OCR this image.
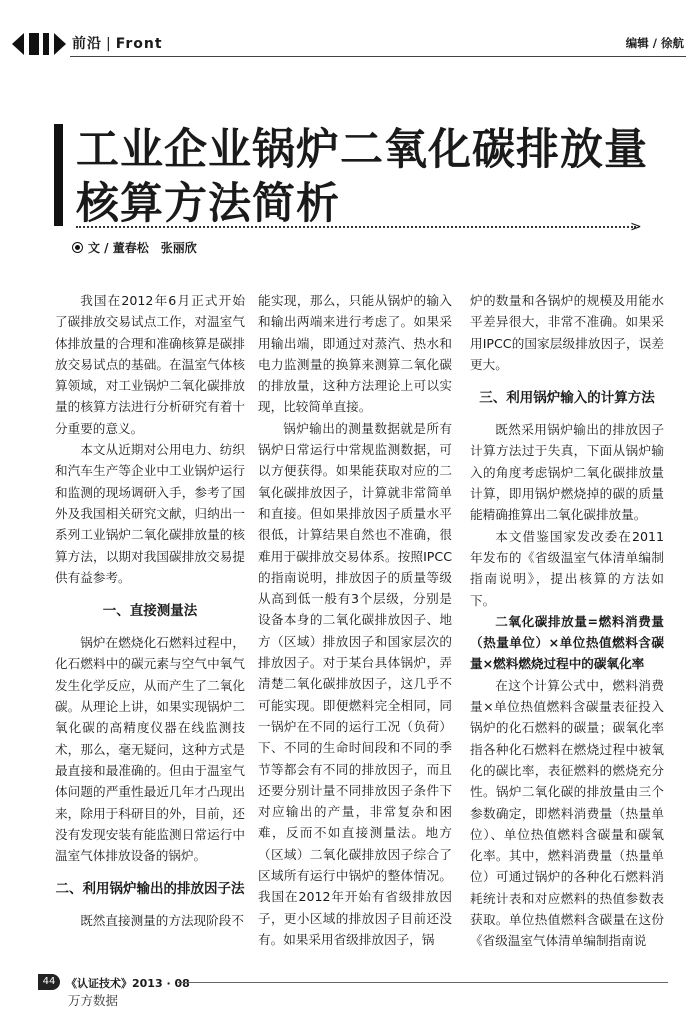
前沿 | Front	编辑 / 徐航
工业企业锅炉二氧化碳排放量
核算方法简析	>
文 / 董春松　张丽欣

我国在2012年6月正式开始了碳排放交易试点工作，对温室气体排放量的合理和准确核算是碳排放交易试点的基础。在温室气体核算领域，对工业锅炉二氧化碳排放量的核算方法进行分析研究有着十分重要的意义。

本文从近期对公用电力、纺织和汽车生产等企业中工业锅炉运行和监测的现场调研入手，参考了国外及我国相关研究文献，归纳出一系列工业锅炉二氧化碳排放量的核算方法，以期对我国碳排放交易提供有益参考。

一、直接测量法

锅炉在燃烧化石燃料过程中，化石燃料中的碳元素与空气中氧气发生化学反应，从而产生了二氧化碳。从理论上讲，如果实现锅炉二氧化碳的高精度仪器在线监测技术，那么，毫无疑问，这种方式是最直接和最准确的。但由于温室气体问题的严重性最近几年才凸现出来，除用于科研目的外，目前，还没有发现安装有能监测日常运行中温室气体排放设备的锅炉。

二、利用锅炉输出的排放因子法

既然直接测量的方法现阶段不

能实现，那么，只能从锅炉的输入和输出两端来进行考虑了。如果采用输出端，即通过对蒸汽、热水和电力监测量的换算来测算二氧化碳的排放量，这种方法理论上可以实现，比较简单直接。

锅炉输出的测量数据就是所有锅炉日常运行中常规监测数据，可以方便获得。如果能获取对应的二氧化碳排放因子，计算就非常简单和直接。但如果排放因子质量水平很低，计算结果自然也不准确，很难用于碳排放交易体系。按照IPCC的指南说明，排放因子的质量等级从高到低一般有3个层级，分别是设备本身的二氧化碳排放因子、地方（区域）排放因子和国家层次的排放因子。对于某台具体锅炉，弄清楚二氧化碳排放因子，这几乎不可能实现。即便燃料完全相同，同一锅炉在不同的运行工况（负荷）下、不同的生命时间段和不同的季节等都会有不同的排放因子，而且还要分别计量不同排放因子条件下对应输出的产量，非常复杂和困难，反而不如直接测量法。地方（区域）二氧化碳排放因子综合了区域所有运行中锅炉的整体情况。我国在2012年开始有省级排放因子，更小区域的排放因子目前还没有。如果采用省级排放因子，锅

炉的数量和各锅炉的规模及用能水平差异很大，非常不准确。如果采用IPCC的国家层级排放因子，误差更大。

三、利用锅炉输入的计算方法

既然采用锅炉输出的排放因子计算方法过于失真，下面从锅炉输入的角度考虑锅炉二氧化碳排放量计算，即用锅炉燃烧掉的碳的质量能精确推算出二氧化碳排放量。

本文借鉴国家发改委在2011年发布的《省级温室气体清单编制指南说明》，提出核算的方法如下。

二氧化碳排放量=燃料消费量（热量单位）×单位热值燃料含碳量×燃料燃烧过程中的碳氧化率

在这个计算公式中，燃料消费量×单位热值燃料含碳量表征投入锅炉的化石燃料的碳量；碳氧化率指各种化石燃料在燃烧过程中被氧化的碳比率，表征燃料的燃烧充分性。锅炉二氧化碳的排放量由三个参数确定，即燃料消费量（热量单位）、单位热值燃料含碳量和碳氧化率。其中，燃料消费量（热量单位）可通过锅炉的各种化石燃料消耗统计表和对应燃料的热值参数表获取。单位热值燃料含碳量在这份《省级温室气体清单编制指南说

44 《认证技术》2013 · 08
万方数据
